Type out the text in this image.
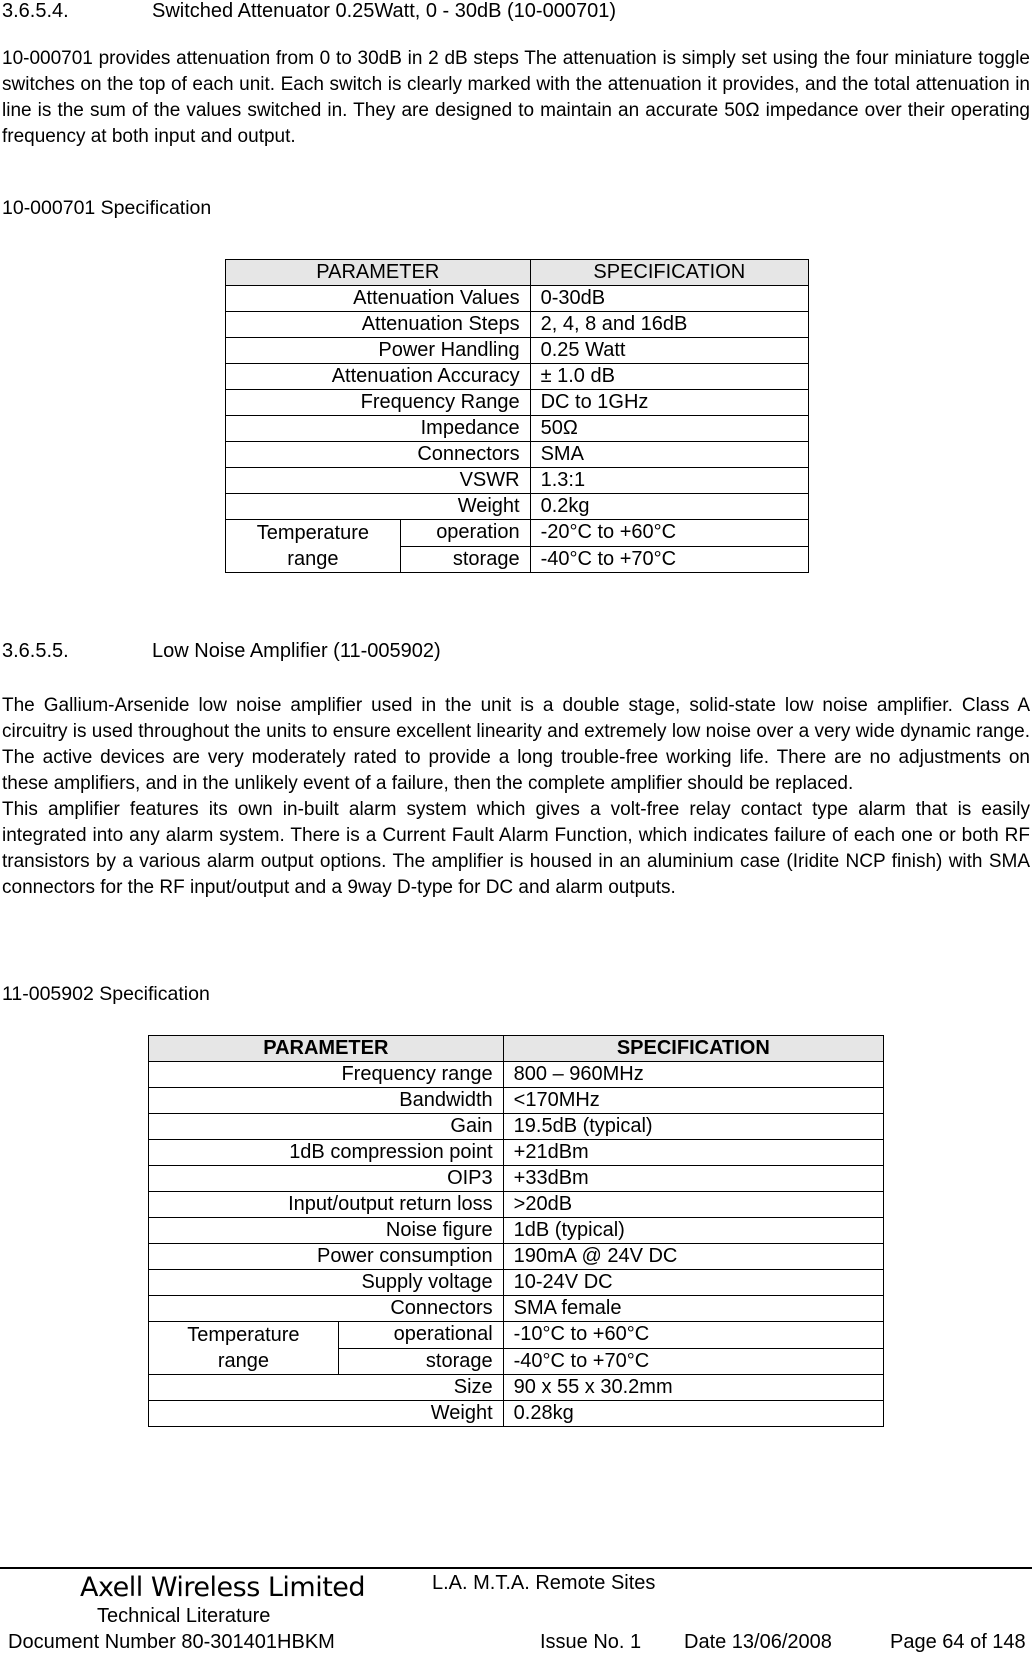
3.6.5.4.	Switched Attenuator 0.25Watt, 0 - 30dB (10-000701)

10-000701 provides attenuation from 0 to 30dB in 2 dB steps The attenuation is simply set using the four miniature toggle switches on the top of each unit. Each switch is clearly marked with the attenuation it provides, and the total attenuation in line is the sum of the values switched in. They are designed to maintain an accurate 50Ω impedance over their operating frequency at both input and output.

10-000701 Specification
PARAMETER		SPECIFICATION
Attenuation Values		0-30dB
Attenuation Steps		2, 4, 8 and 16dB
Power Handling		0.25 Watt
Attenuation Accuracy		± 1.0 dB
Frequency Range		DC to 1GHz
Impedance		50Ω
Connectors		SMA
VSWR		1.3:1
Weight		0.2kg
Temperature
range	operation	-20°C to +60°C
	storage	-40°C to +70°C
3.6.5.5.	Low Noise Amplifier (11-005902)

The Gallium-Arsenide low noise amplifier used in the unit is a double stage, solid-state low noise amplifier. Class A circuitry is used throughout the units to ensure excellent linearity and extremely low noise over a very wide dynamic range. The active devices are very moderately rated to provide a long trouble-free working life. There are no adjustments on these amplifiers, and in the unlikely event of a failure, then the complete amplifier should be replaced.

This amplifier features its own in-built alarm system which gives a volt-free relay contact type alarm that is easily integrated into any alarm system. There is a Current Fault Alarm Function, which indicates failure of each one or both RF transistors by a various alarm output options. The amplifier is housed in an aluminium case (Iridite NCP finish) with SMA connectors for the RF input/output and a 9way D-type for DC and alarm outputs.

11-005902 Specification
PARAMETER		SPECIFICATION
Frequency range		800 – 960MHz
Bandwidth		<170MHz
Gain		19.5dB (typical)
1dB compression point		+21dBm
OIP3		+33dBm
Input/output return loss		>20dB
Noise figure		1dB (typical)
Power consumption		190mA @ 24V DC
Supply voltage		10-24V DC
Connectors		SMA female
Temperature
range	operational	-10°C to +60°C
	storage	-40°C to +70°C
Size		90 x 55 x 30.2mm
Weight		0.28kg
Axell Wireless Limited	L.A. M.T.A. Remote Sites
Technical Literature
Document Number 80-301401HBKM	Issue No. 1 Date 13/06/2008	Page 64 of 148
